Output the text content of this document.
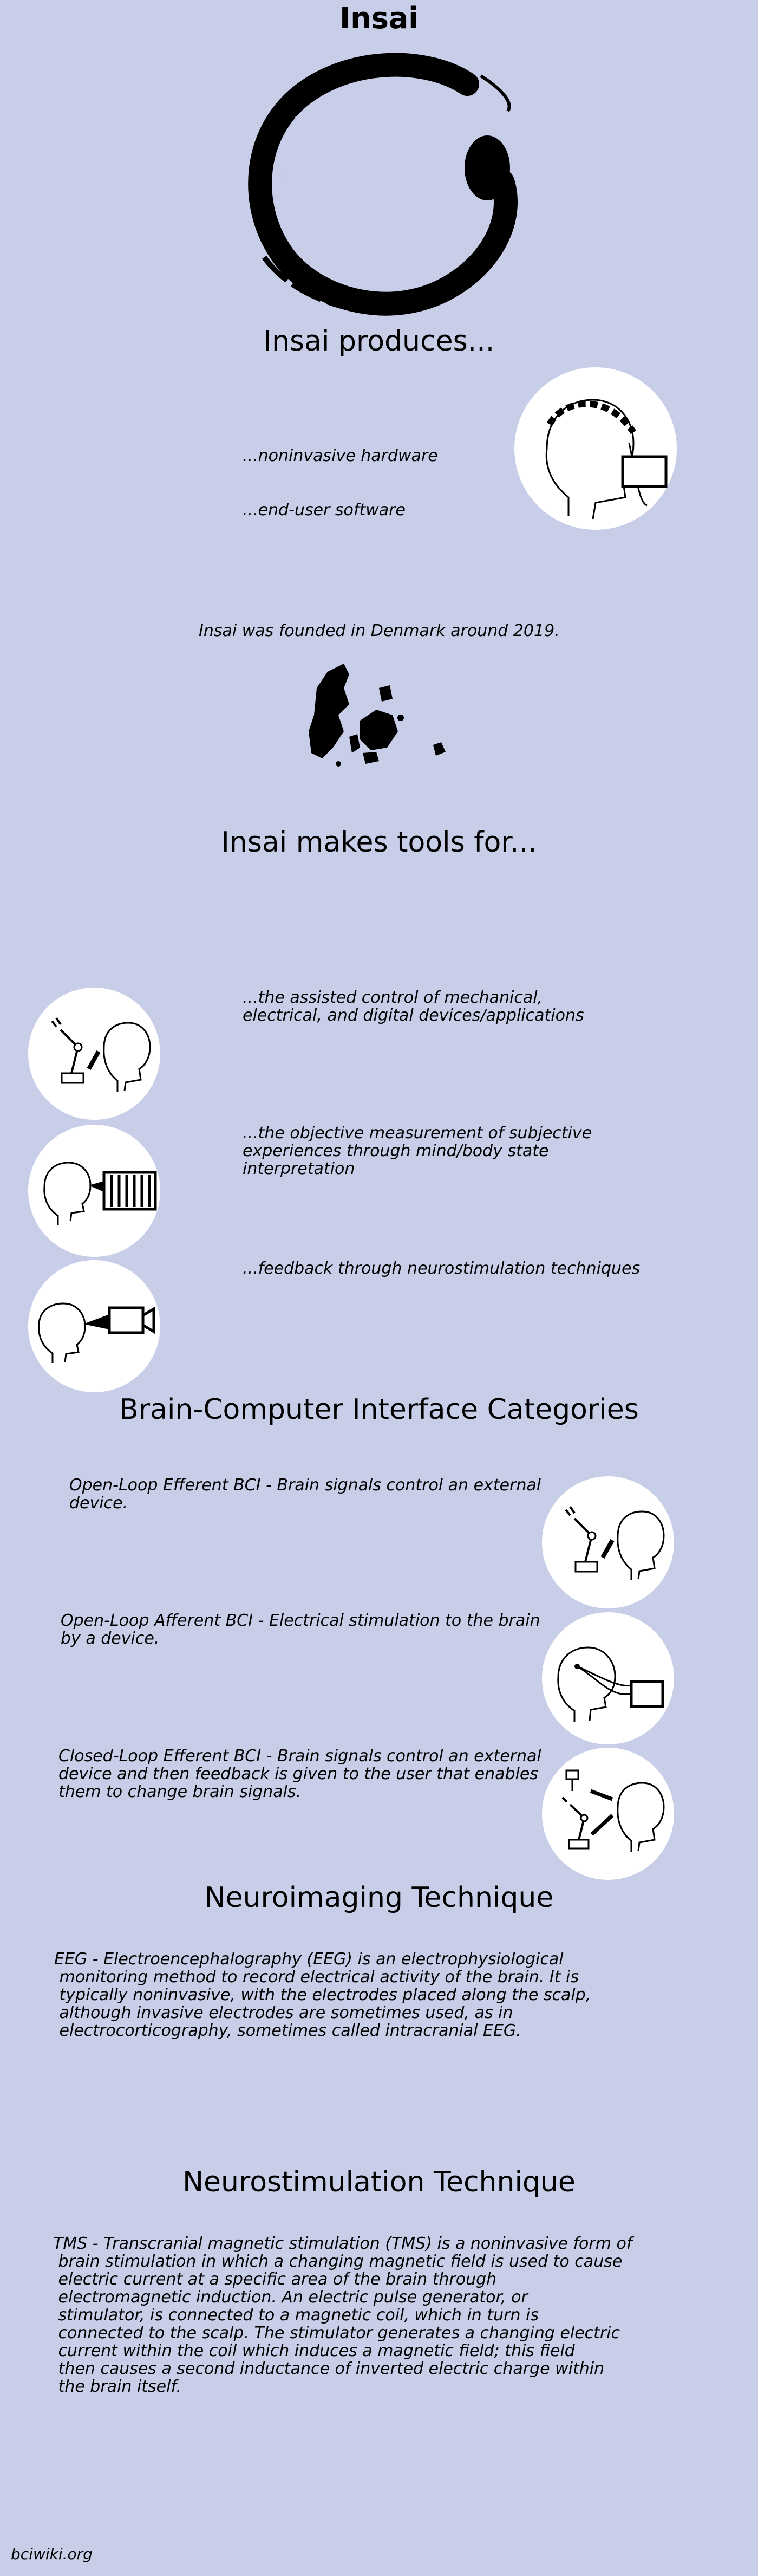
Insai
Insai produces...
...noninvasive hardware
...end-user software
Insai was founded in Denmark around 2019.
Insai makes tools for...
...the assisted control of mechanical,
electrical, and digital devices/applications
...the objective measurement of subjective
experiences through mind/body state
interpretation
...feedback through neurostimulation techniques
Brain-Computer Interface Categories
Open-Loop Efferent BCI - Brain signals control an external
device.
Open-Loop Afferent BCI - Electrical stimulation to the brain
by a device.
Closed-Loop Efferent BCI - Brain signals control an external
device and then feedback is given to the user that enables
them to change brain signals.
Neuroimaging Technique
EEG - Electroencephalography (EEG) is an electrophysiological
monitoring method to record electrical activity of the brain. It is
typically noninvasive, with the electrodes placed along the scalp,
although invasive electrodes are sometimes used, as in
electrocorticography, sometimes called intracranial EEG.
Neurostimulation Technique
TMS - Transcranial magnetic stimulation (TMS) is a noninvasive form of
brain stimulation in which a changing magnetic field is used to cause
electric current at a specific area of the brain through
electromagnetic induction. An electric pulse generator, or
stimulator, is connected to a magnetic coil, which in turn is
connected to the scalp. The stimulator generates a changing electric
current within the coil which induces a magnetic field; this field
then causes a second inductance of inverted electric charge within
the brain itself.
bciwiki.org
